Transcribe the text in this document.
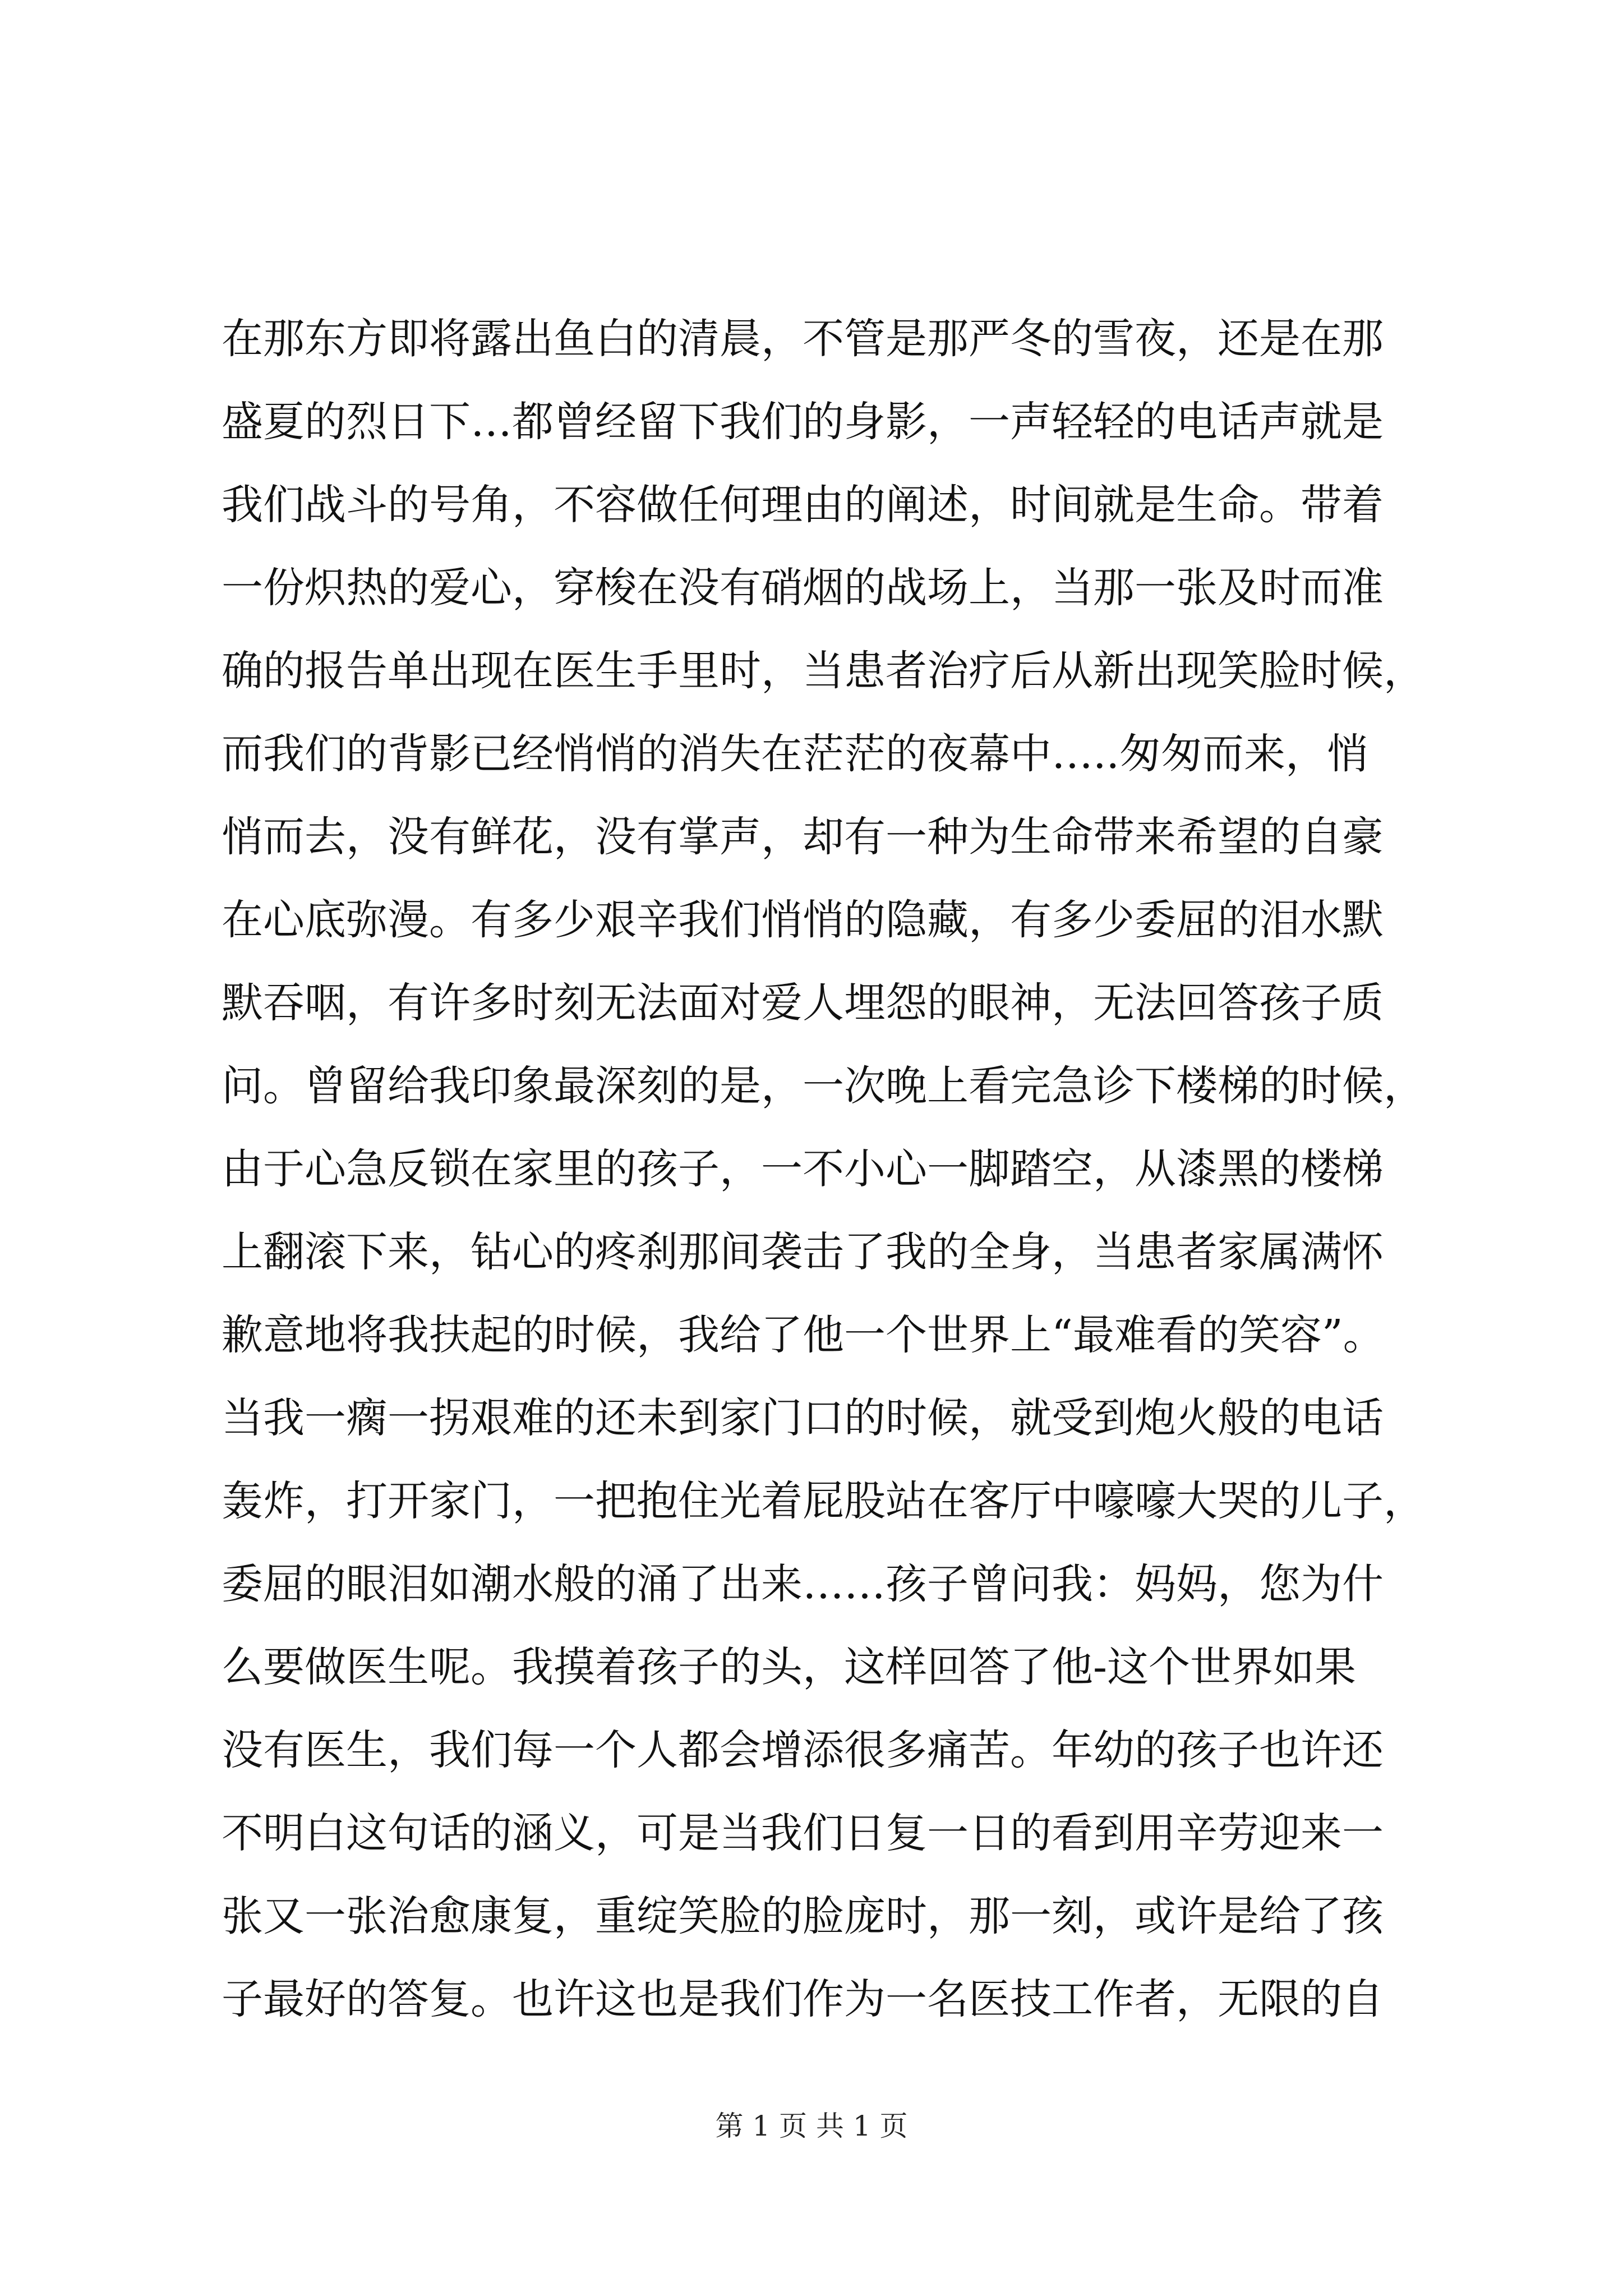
在那东方即将露出鱼白的清晨，不管是那严冬的雪夜，还是在那
盛夏的烈日下…都曾经留下我们的身影，一声轻轻的电话声就是
我们战斗的号角，不容做任何理由的阐述，时间就是生命。带着
一份炽热的爱心，穿梭在没有硝烟的战场上，当那一张及时而准
确的报告单出现在医生手里时，当患者治疗后从新出现笑脸时候，
而我们的背影已经悄悄的消失在茫茫的夜幕中…..匆匆而来，悄
悄而去，没有鲜花，没有掌声，却有一种为生命带来希望的自豪
在心底弥漫。有多少艰辛我们悄悄的隐藏，有多少委屈的泪水默
默吞咽，有许多时刻无法面对爱人埋怨的眼神，无法回答孩子质
问。曾留给我印象最深刻的是，一次晚上看完急诊下楼梯的时候，
由于心急反锁在家里的孩子，一不小心一脚踏空，从漆黑的楼梯
上翻滚下来，钻心的疼刹那间袭击了我的全身，当患者家属满怀
歉意地将我扶起的时候，我给了他一个世界上“最难看的笑容”。
当我一瘸一拐艰难的还未到家门口的时候，就受到炮火般的电话
轰炸，打开家门，一把抱住光着屁股站在客厅中嚎嚎大哭的儿子，
委屈的眼泪如潮水般的涌了出来……孩子曾问我：妈妈，您为什
么要做医生呢。我摸着孩子的头，这样回答了他-这个世界如果
没有医生，我们每一个人都会增添很多痛苦。年幼的孩子也许还
不明白这句话的涵义，可是当我们日复一日的看到用辛劳迎来一
张又一张治愈康复，重绽笑脸的脸庞时，那一刻，或许是给了孩
子最好的答复。也许这也是我们作为一名医技工作者，无限的自
第 1 页 共 1 页
